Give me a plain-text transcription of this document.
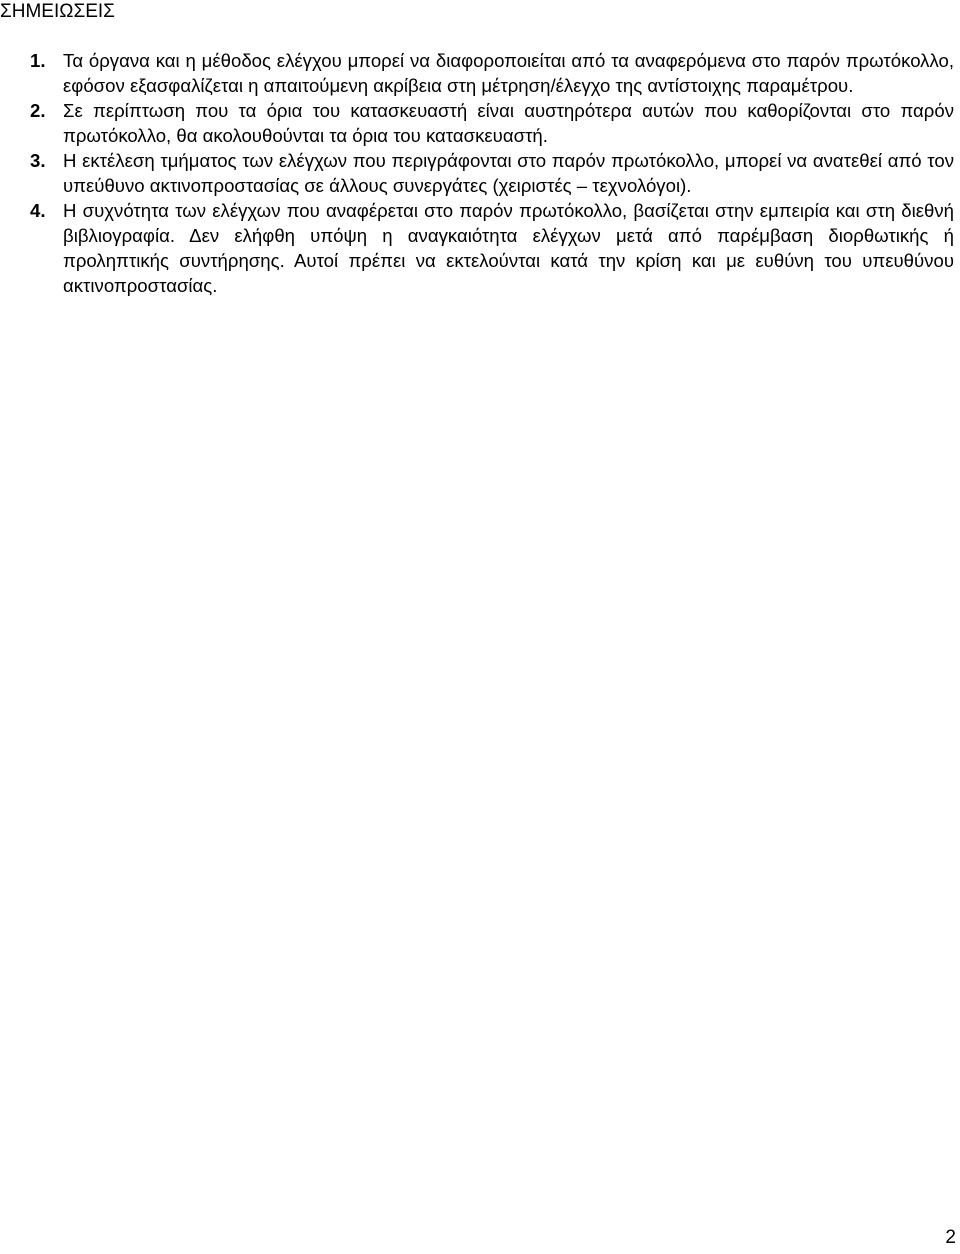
ΣΗΜΕΙΩΣΕΙΣ
1. Τα όργανα και η μέθοδος ελέγχου μπορεί να διαφοροποιείται από τα αναφερόμενα στο παρόν πρωτόκολλο, εφόσον εξασφαλίζεται η απαιτούμενη ακρίβεια στη μέτρηση/έλεγχο της αντίστοιχης παραμέτρου.
2. Σε περίπτωση που τα όρια του κατασκευαστή είναι αυστηρότερα αυτών που καθορίζονται στο παρόν πρωτόκολλο, θα ακολουθούνται τα όρια του κατασκευαστή.
3. Η εκτέλεση τμήματος των ελέγχων που περιγράφονται στο παρόν πρωτόκολλο, μπορεί να ανατεθεί από τον υπεύθυνο ακτινοπροστασίας σε άλλους συνεργάτες (χειριστές – τεχνολόγοι).
4. Η συχνότητα των ελέγχων που αναφέρεται στο παρόν πρωτόκολλο, βασίζεται στην εμπειρία και στη διεθνή βιβλιογραφία. Δεν ελήφθη υπόψη η αναγκαιότητα ελέγχων μετά από παρέμβαση διορθωτικής ή προληπτικής συντήρησης. Αυτοί πρέπει να εκτελούνται κατά την κρίση και με ευθύνη του υπευθύνου ακτινοπροστασίας.
2
